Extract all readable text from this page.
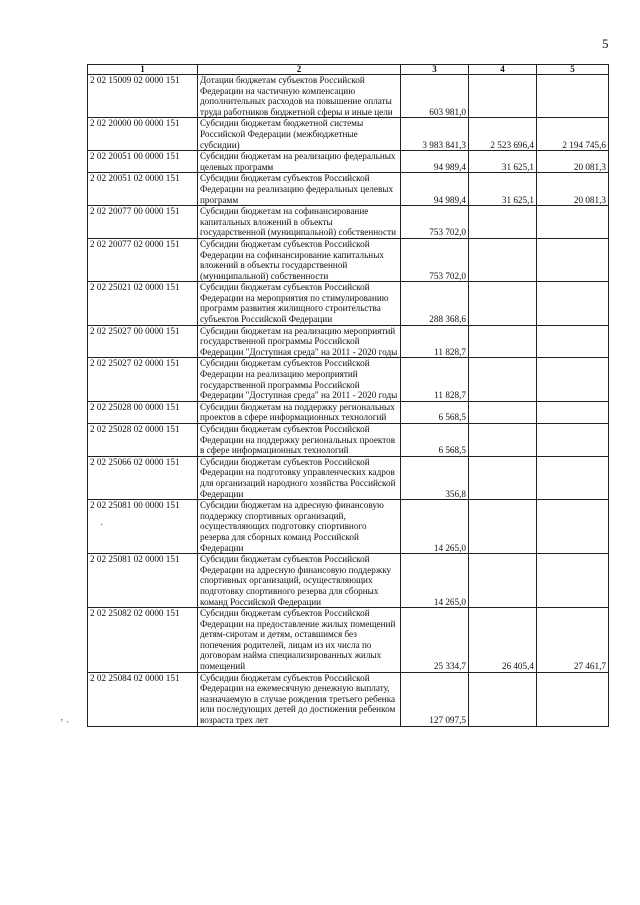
5
1	2	3	4	5
2 02 15009 02 0000 151	Дотации бюджетам субъектов Российской Федерации на частичную компенсацию дополнительных расходов на повышение оплаты труда работников бюджетной сферы и иные цели	603 981,0		
2 02 20000 00 0000 151	Субсидии бюджетам бюджетной системы Российской Федерации (межбюджетные субсидии)	3 983 841,3	2 523 696,4	2 194 745,6
2 02 20051 00 0000 151	Субсидии бюджетам на реализацию федеральных целевых программ	94 989,4	31 625,1	20 081,3
2 02 20051 02 0000 151	Субсидии бюджетам субъектов Российской Федерации на реализацию федеральных целевых программ	94 989,4	31 625,1	20 081,3
2 02 20077 00 0000 151	Субсидии бюджетам на софинансирование капитальных вложений в объекты государственной (муниципальной) собственности	753 702,0		
2 02 20077 02 0000 151	Субсидии бюджетам субъектов Российской Федерации на софинансирование капитальных вложений в объекты государственной (муниципальной) собственности	753 702,0		
2 02 25021 02 0000 151	Субсидии бюджетам субъектов Российской Федерации на мероприятия по стимулированию программ развития жилищного строительства субъектов Российской Федерации	288 368,6		
2 02 25027 00 0000 151	Субсидии бюджетам на реализацию мероприятий государственной программы Российской Федерации "Доступная среда" на 2011 - 2020 годы	11 828,7		
2 02 25027 02 0000 151	Субсидии бюджетам субъектов Российской Федерации на реализацию мероприятий государственной программы Российской Федерации "Доступная среда" на 2011 - 2020 годы	11 828,7		
2 02 25028 00 0000 151	Субсидии бюджетам на поддержку региональных проектов в сфере информационных технологий	6 568,5		
2 02 25028 02 0000 151	Субсидии бюджетам субъектов Российской Федерации на поддержку региональных проектов в сфере информационных технологий	6 568,5		
2 02 25066 02 0000 151	Субсидии бюджетам субъектов Российской Федерации на подготовку управленческих кадров для организаций народного хозяйства Российской Федерации	356,8		
2 02 25081 00 0000 151	Субсидии бюджетам на адресную финансовую поддержку спортивных организаций, осуществляющих подготовку спортивного резерва для сборных команд Российской Федерации	14 265,0		
2 02 25081 02 0000 151	Субсидии бюджетам субъектов Российской Федерации на адресную финансовую поддержку спортивных организаций, осуществляющих подготовку спортивного резерва для сборных команд Российской Федерации	14 265,0		
2 02 25082 02 0000 151	Субсидии бюджетам субъектов Российской Федерации на предоставление жилых помещений детям-сиротам и детям, оставшимся без попечения родителей, лицам из их числа по договорам найма специализированных жилых помещений	25 334,7	26 405,4	27 461,7
2 02 25084 02 0000 151	Субсидии бюджетам субъектов Российской Федерации на ежемесячную денежную выплату, назначаемую в случае рождения третьего ребенка или последующих детей до достижения ребенком возраста трех лет	127 097,5		
‚ ˎ
·
